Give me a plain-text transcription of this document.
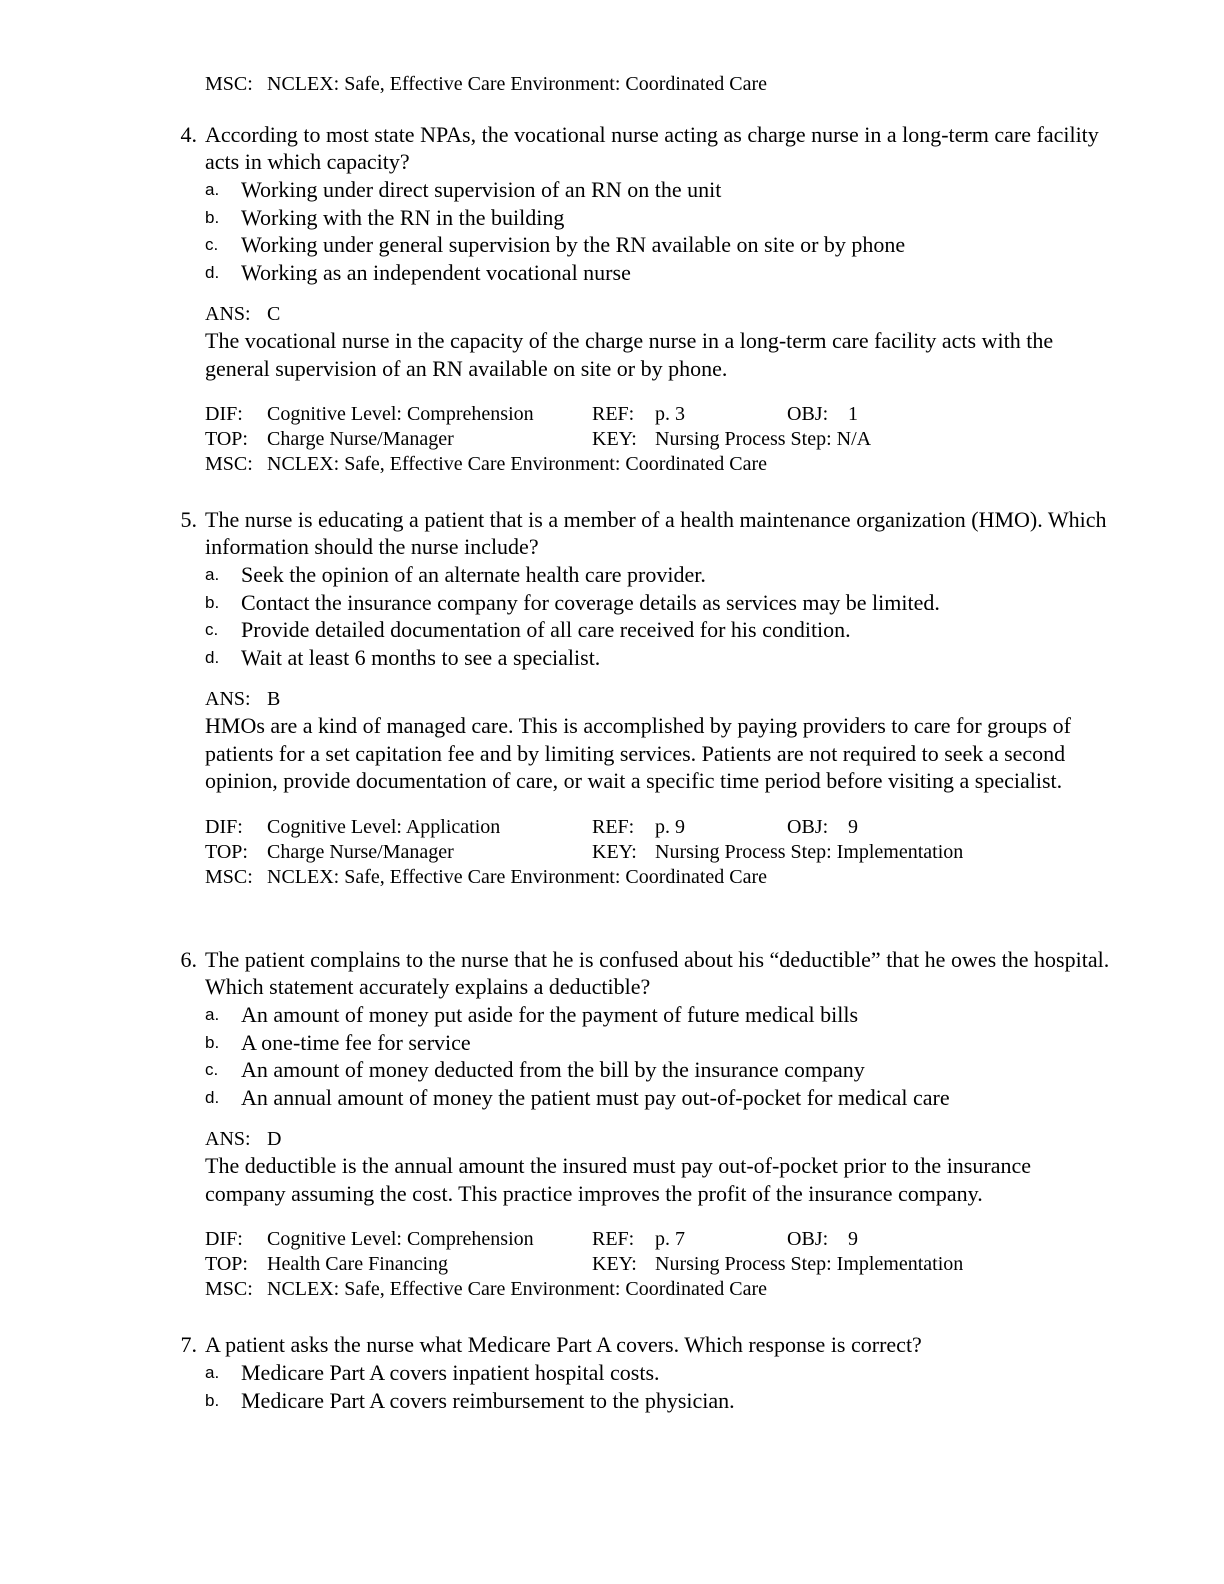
MSC: NCLEX: Safe, Effective Care Environment: Coordinated Care
4. According to most state NPAs, the vocational nurse acting as charge nurse in a long-term care facility acts in which capacity?
a. Working under direct supervision of an RN on the unit
b. Working with the RN in the building
c. Working under general supervision by the RN available on site or by phone
d. Working as an independent vocational nurse
ANS: C
The vocational nurse in the capacity of the charge nurse in a long-term care facility acts with the general supervision of an RN available on site or by phone.
DIF: Cognitive Level: Comprehension	REF: p. 3	OBJ: 1
TOP: Charge Nurse/Manager	KEY: Nursing Process Step: N/A
MSC: NCLEX: Safe, Effective Care Environment: Coordinated Care
5. The nurse is educating a patient that is a member of a health maintenance organization (HMO). Which information should the nurse include?
a. Seek the opinion of an alternate health care provider.
b. Contact the insurance company for coverage details as services may be limited.
c. Provide detailed documentation of all care received for his condition.
d. Wait at least 6 months to see a specialist.
ANS: B
HMOs are a kind of managed care. This is accomplished by paying providers to care for groups of patients for a set capitation fee and by limiting services. Patients are not required to seek a second opinion, provide documentation of care, or wait a specific time period before visiting a specialist.
DIF: Cognitive Level: Application	REF: p. 9	OBJ: 9
TOP: Charge Nurse/Manager	KEY: Nursing Process Step: Implementation
MSC: NCLEX: Safe, Effective Care Environment: Coordinated Care
6. The patient complains to the nurse that he is confused about his “deductible” that he owes the hospital. Which statement accurately explains a deductible?
a. An amount of money put aside for the payment of future medical bills
b. A one-time fee for service
c. An amount of money deducted from the bill by the insurance company
d. An annual amount of money the patient must pay out-of-pocket for medical care
ANS: D
The deductible is the annual amount the insured must pay out-of-pocket prior to the insurance company assuming the cost. This practice improves the profit of the insurance company.
DIF: Cognitive Level: Comprehension	REF: p. 7	OBJ: 9
TOP: Health Care Financing	KEY: Nursing Process Step: Implementation
MSC: NCLEX: Safe, Effective Care Environment: Coordinated Care
7. A patient asks the nurse what Medicare Part A covers. Which response is correct?
a. Medicare Part A covers inpatient hospital costs.
b. Medicare Part A covers reimbursement to the physician.
